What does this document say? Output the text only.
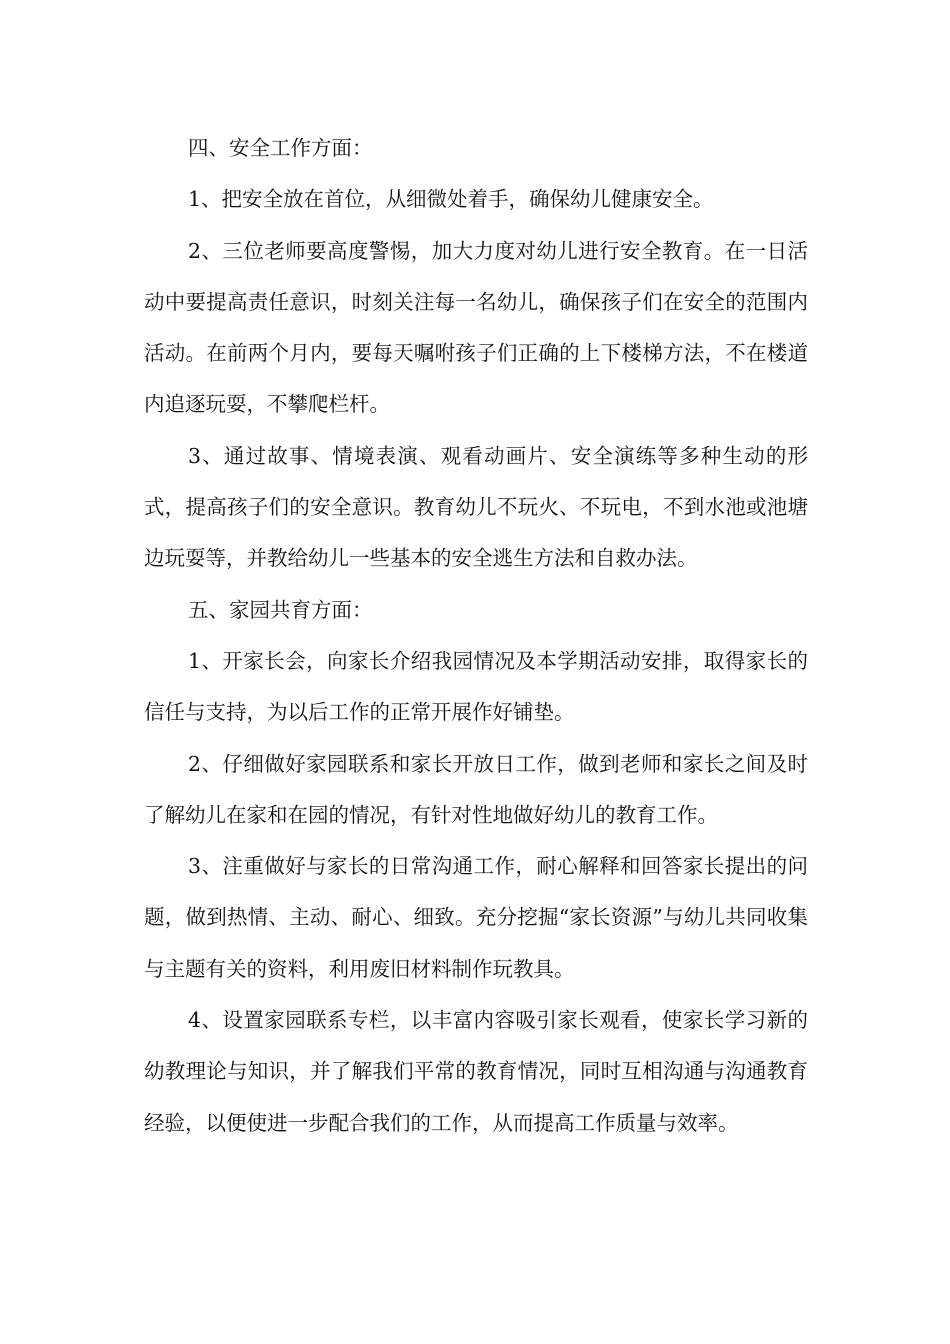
四、安全工作方面：

1、把安全放在首位，从细微处着手，确保幼儿健康安全。

2、三位老师要高度警惕，加大力度对幼儿进行安全教育。在一日活动中要提高责任意识，时刻关注每一名幼儿，确保孩子们在安全的范围内活动。在前两个月内，要每天嘱咐孩子们正确的上下楼梯方法，不在楼道内追逐玩耍，不攀爬栏杆。

3、通过故事、情境表演、观看动画片、安全演练等多种生动的形式，提高孩子们的安全意识。教育幼儿不玩火、不玩电，不到水池或池塘边玩耍等，并教给幼儿一些基本的安全逃生方法和自救办法。

五、家园共育方面：

1、开家长会，向家长介绍我园情况及本学期活动安排，取得家长的信任与支持，为以后工作的正常开展作好铺垫。

2、仔细做好家园联系和家长开放日工作，做到老师和家长之间及时了解幼儿在家和在园的情况，有针对性地做好幼儿的教育工作。

3、注重做好与家长的日常沟通工作，耐心解释和回答家长提出的问题，做到热情、主动、耐心、细致。充分挖掘“家长资源”与幼儿共同收集与主题有关的资料，利用废旧材料制作玩教具。

4、设置家园联系专栏，以丰富内容吸引家长观看，使家长学习新的幼教理论与知识，并了解我们平常的教育情况，同时互相沟通与沟通教育经验，以便使进一步配合我们的工作，从而提高工作质量与效率。
